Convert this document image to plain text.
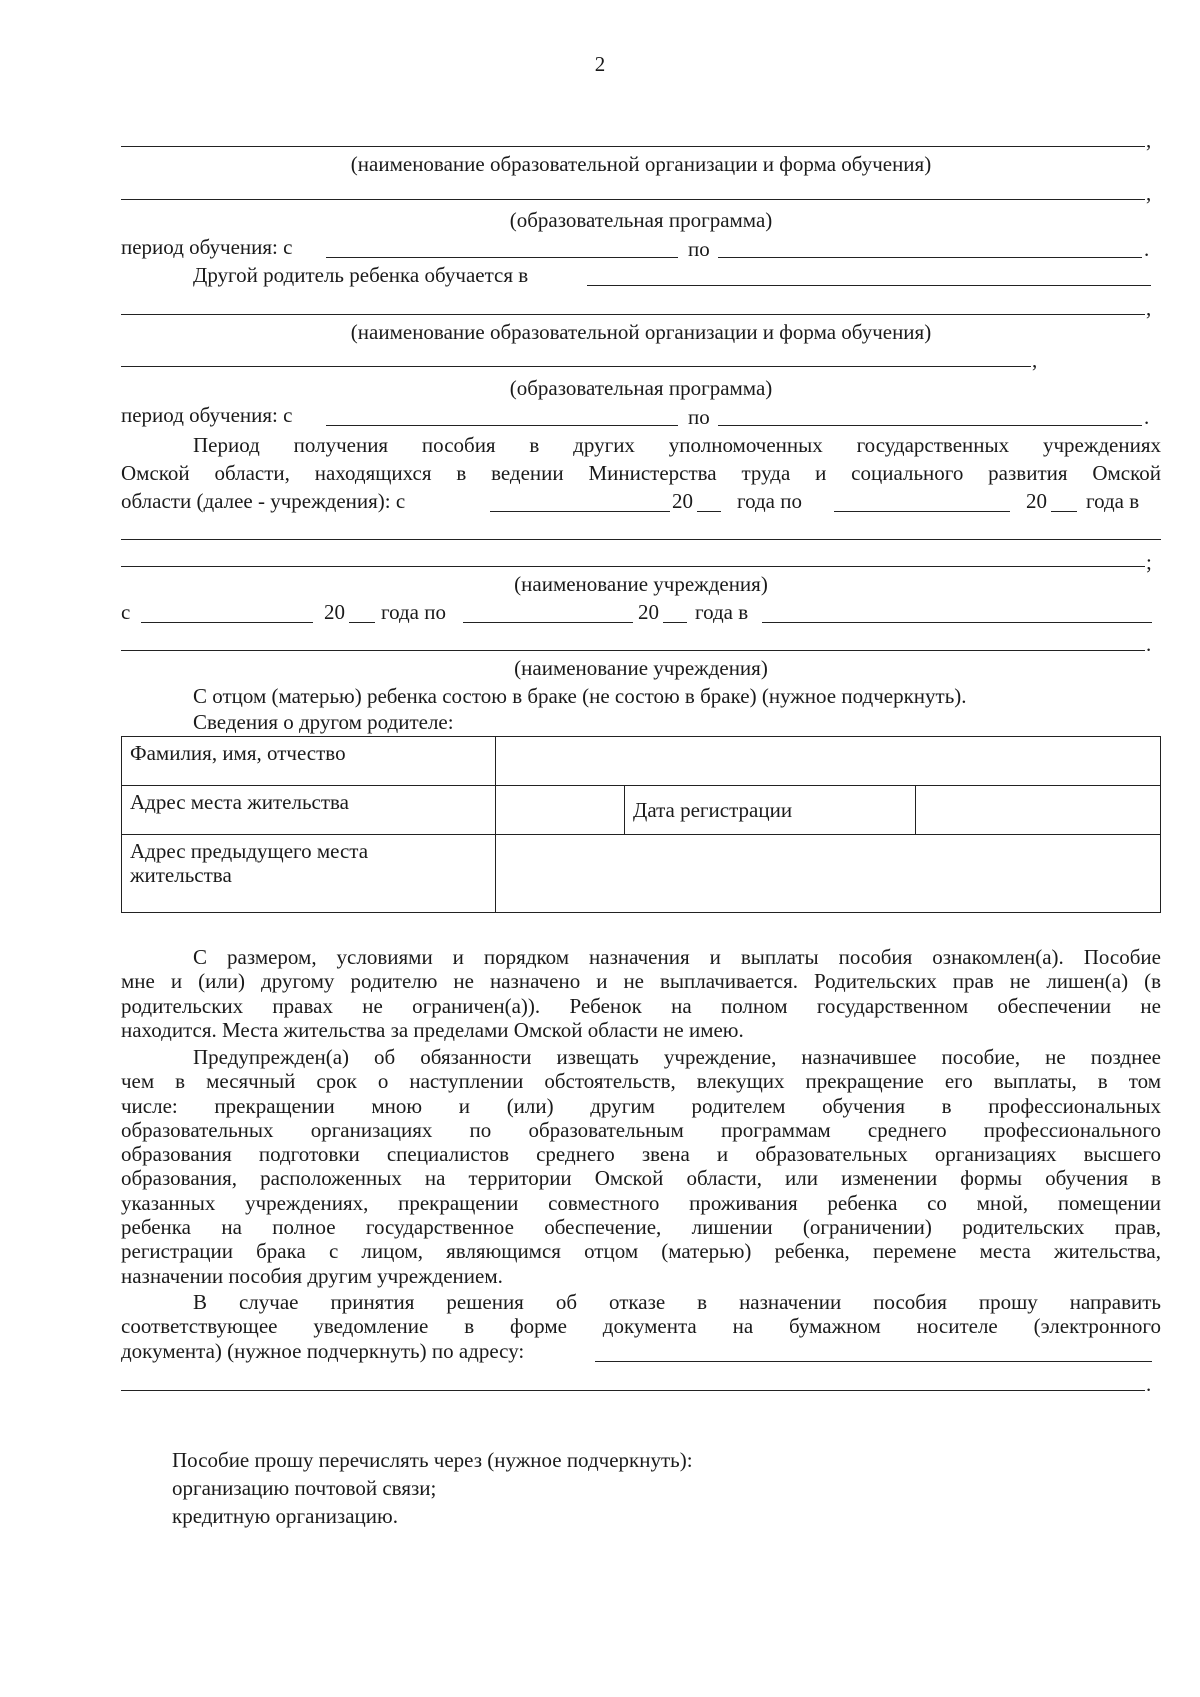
2
,
(наименование образовательной организации и форма обучения)
,
(образовательная программа)
период обучения: с	по	.
Другой родитель ребенка обучается в
,
(наименование образовательной организации и форма обучения)
,
(образовательная программа)
период обучения: с	по	.
Период получения пособия в других уполномоченных государственных учреждениях
Омской области, находящихся в ведении Министерства труда и социального развития Омской
области (далее - учреждения): с	20 года по	20 года в
;
(наименование учреждения)
с	20 года по	20 года в
.
(наименование учреждения)
С отцом (матерью) ребенка состою в браке (не состою в браке) (нужное подчеркнуть).
Сведения о другом родителе:
Фамилия, имя, отчество			
Адрес места жительства		Дата регистрации	
Адрес предыдущего места
жительства			
С размером, условиями и порядком назначения и выплаты пособия ознакомлен(а). Пособие
мне и (или) другому родителю не назначено и не выплачивается. Родительских прав не лишен(а) (в
родительских правах не ограничен(а)). Ребенок на полном государственном обеспечении не
находится. Места жительства за пределами Омской области не имею.
Предупрежден(а) об обязанности извещать учреждение, назначившее пособие, не позднее
чем в месячный срок о наступлении обстоятельств, влекущих прекращение его выплаты, в том
числе: прекращении мною и (или) другим родителем обучения в профессиональных
образовательных организациях по образовательным программам среднего профессионального
образования подготовки специалистов среднего звена и образовательных организациях высшего
образования, расположенных на территории Омской области, или изменении формы обучения в
указанных учреждениях, прекращении совместного проживания ребенка со мной, помещении
ребенка на полное государственное обеспечение, лишении (ограничении) родительских прав,
регистрации брака с лицом, являющимся отцом (матерью) ребенка, перемене места жительства,
назначении пособия другим учреждением.
В случае принятия решения об отказе в назначении пособия прошу направить
соответствующее уведомление в форме документа на бумажном носителе (электронного
документа) (нужное подчеркнуть) по адресу:
.
Пособие прошу перечислять через (нужное подчеркнуть):
организацию почтовой связи;
кредитную организацию.
